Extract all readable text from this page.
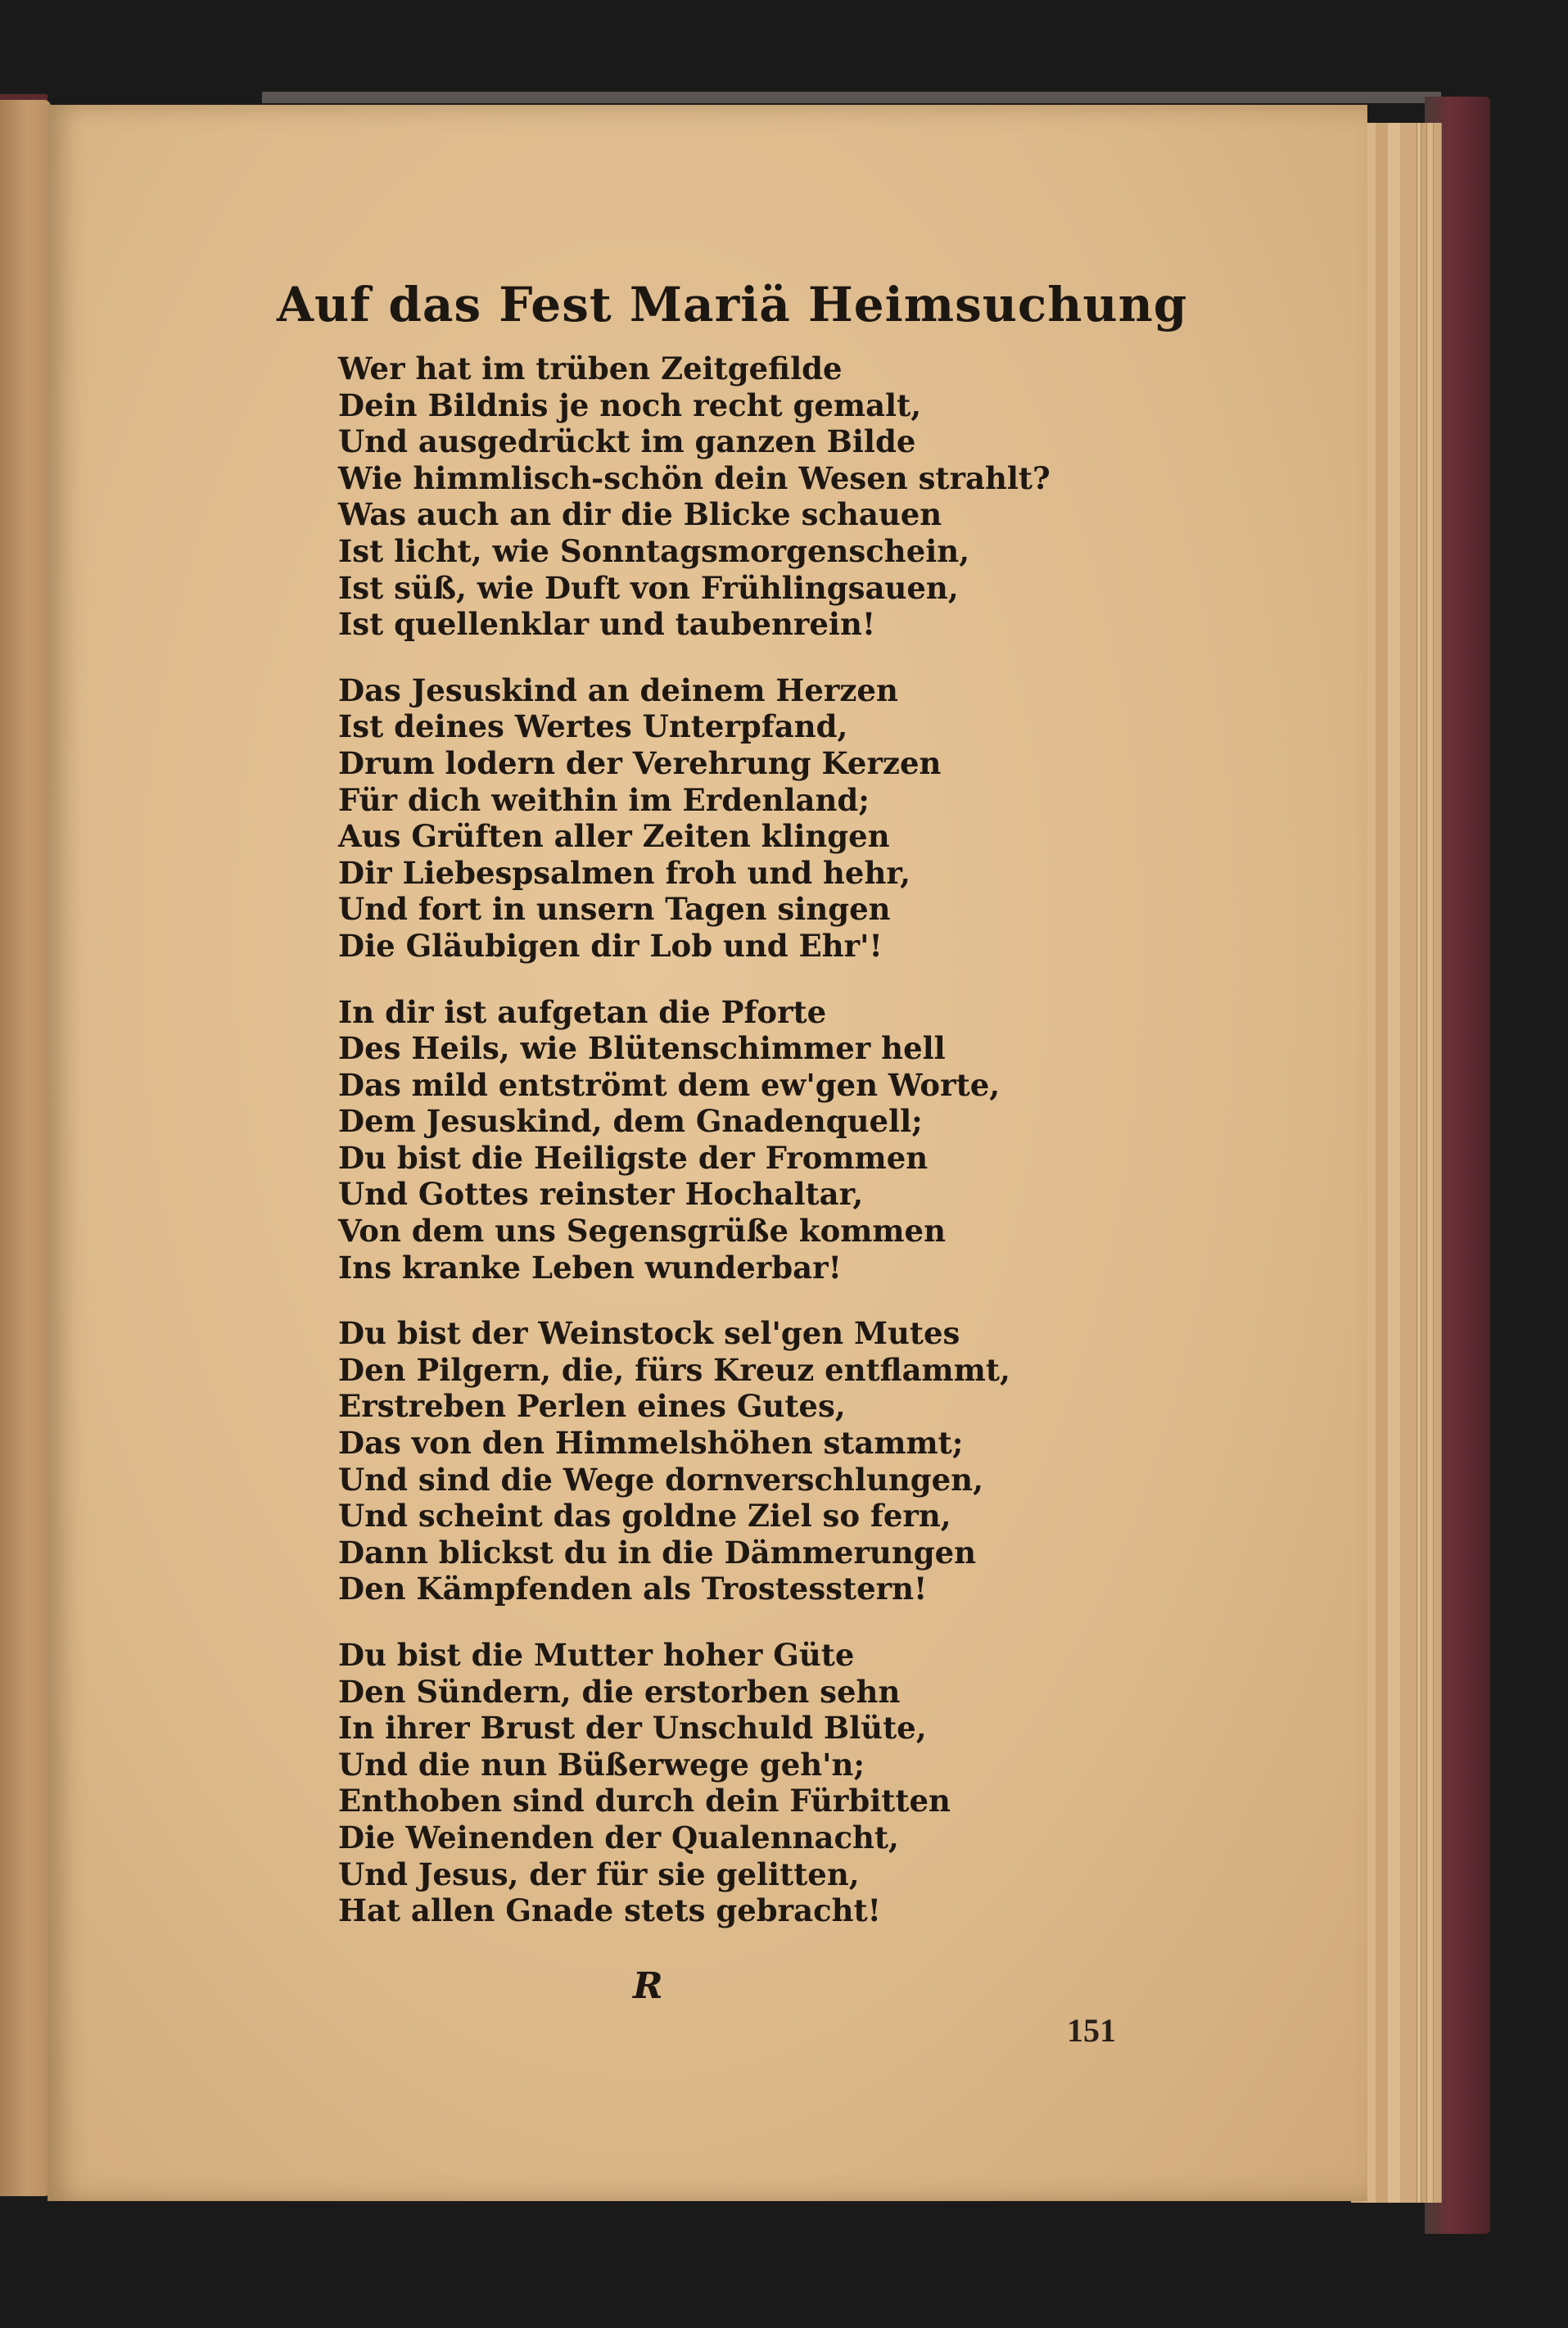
Auf das Fest Mariä Heimsuchung
Wer hat im trüben Zeitgefilde
Dein Bildnis je noch recht gemalt,
Und ausgedrückt im ganzen Bilde
Wie himmlisch-schön dein Wesen strahlt?
Was auch an dir die Blicke schauen
Ist licht, wie Sonntagsmorgenschein,
Ist süß, wie Duft von Frühlingsauen,
Ist quellenklar und taubenrein!
Das Jesuskind an deinem Herzen
Ist deines Wertes Unterpfand,
Drum lodern der Verehrung Kerzen
Für dich weithin im Erdenland;
Aus Grüften aller Zeiten klingen
Dir Liebespsalmen froh und hehr,
Und fort in unsern Tagen singen
Die Gläubigen dir Lob und Ehr'!
In dir ist aufgetan die Pforte
Des Heils, wie Blütenschimmer hell
Das mild entströmt dem ew'gen Worte,
Dem Jesuskind, dem Gnadenquell;
Du bist die Heiligste der Frommen
Und Gottes reinster Hochaltar,
Von dem uns Segensgrüße kommen
Ins kranke Leben wunderbar!
Du bist der Weinstock sel'gen Mutes
Den Pilgern, die, fürs Kreuz entflammt,
Erstreben Perlen eines Gutes,
Das von den Himmelshöhen stammt;
Und sind die Wege dornverschlungen,
Und scheint das goldne Ziel so fern,
Dann blickst du in die Dämmerungen
Den Kämpfenden als Trostesstern!
Du bist die Mutter hoher Güte
Den Sündern, die erstorben sehn
In ihrer Brust der Unschuld Blüte,
Und die nun Büßerwege geh'n;
Enthoben sind durch dein Fürbitten
Die Weinenden der Qualennacht,
Und Jesus, der für sie gelitten,
Hat allen Gnade stets gebracht!
R
151
